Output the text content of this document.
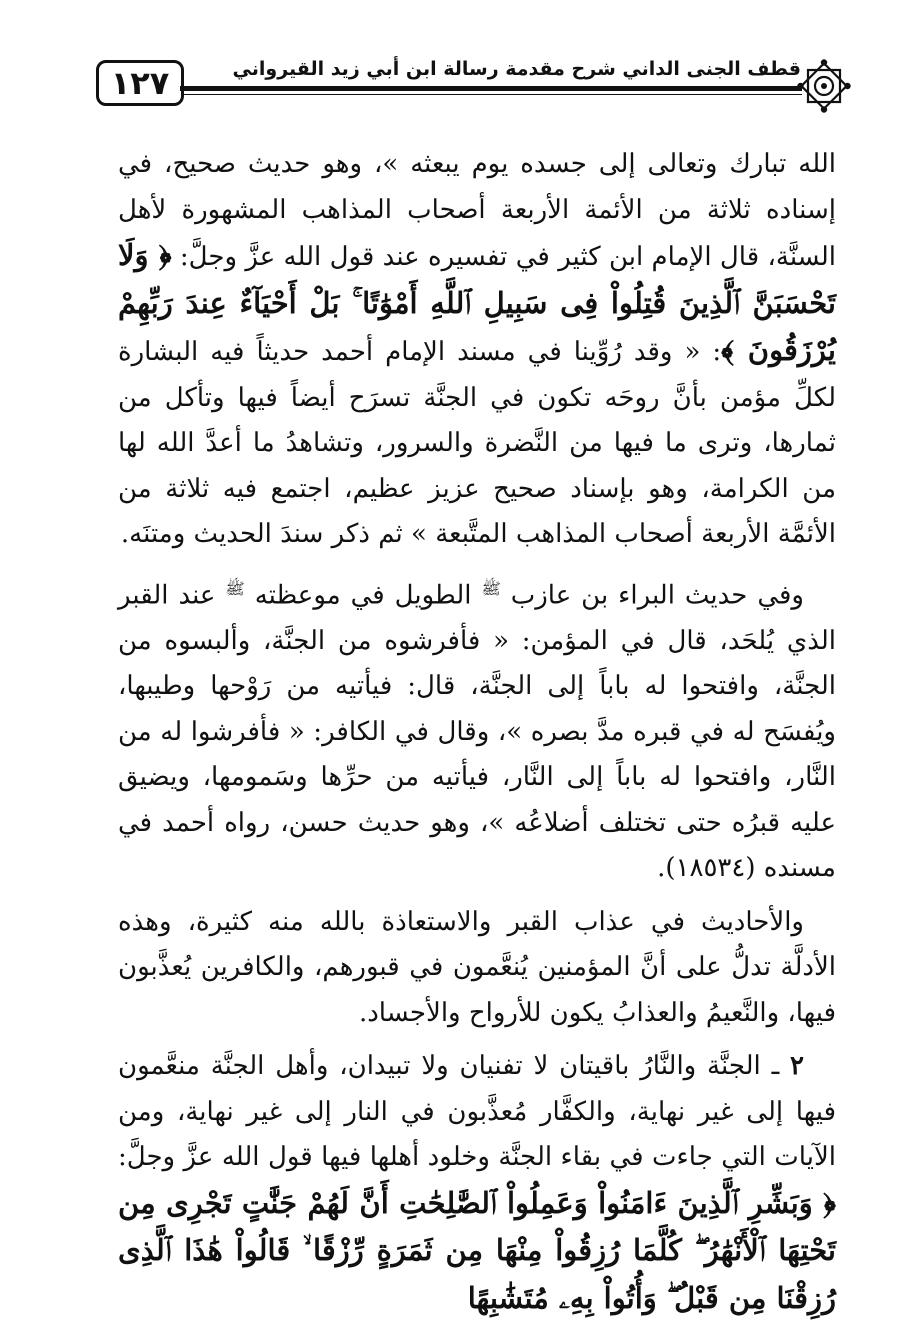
١٢٧	قطف الجنى الداني شرح مقدمة رسالة ابن أبي زيد القيرواني

الله تبارك وتعالى إلى جسده يوم يبعثه »، وهو حديث صحيح، في إسناده ثلاثة من الأئمة الأربعة أصحاب المذاهب المشهورة لأهل السنَّة، قال الإمام ابن كثير في تفسيره عند قول الله عزَّ وجلَّ: ﴿ وَلَا تَحْسَبَنَّ ٱلَّذِينَ قُتِلُواْ فِى سَبِيلِ ٱللَّهِ أَمْوَٰتًا ۚ بَلْ أَحْيَآءٌ عِندَ رَبِّهِمْ يُرْزَقُونَ ﴾: « وقد رُوِّينا في مسند الإمام أحمد حديثاً فيه البشارة لكلِّ مؤمن بأنَّ روحَه تكون في الجنَّة تسرَح أيضاً فيها وتأكل من ثمارها، وترى ما فيها من النَّضرة والسرور، وتشاهدُ ما أعدَّ الله لها من الكرامة، وهو بإسناد صحيح عزيز عظيم، اجتمع فيه ثلاثة من الأئمَّة الأربعة أصحاب المذاهب المتَّبعة » ثم ذكر سندَ الحديث ومتنَه.

وفي حديث البراء بن عازب $^ﷺ$ الطويل في موعظته $^ﷺ$ عند القبر الذي يُلحَد، قال في المؤمن: « فأفرشوه من الجنَّة، وألبسوه من الجنَّة، وافتحوا له باباً إلى الجنَّة، قال: فيأتيه من رَوْحها وطيبها، ويُفسَح له في قبره مدَّ بصره »، وقال في الكافر: « فأفرشوا له من النَّار، وافتحوا له باباً إلى النَّار، فيأتيه من حرِّها وسَمومها، ويضيق عليه قبرُه حتى تختلف أضلاعُه »، وهو حديث حسن، رواه أحمد في مسنده (١٨٥٣٤).

والأحاديث في عذاب القبر والاستعاذة بالله منه كثيرة، وهذه الأدلَّة تدلُّ على أنَّ المؤمنين يُنعَّمون في قبورهم، والكافرين يُعذَّبون فيها، والنَّعيمُ والعذابُ يكون للأرواح والأجساد.

٢ ـ الجنَّة والنَّارُ باقيتان لا تفنيان ولا تبيدان، وأهل الجنَّة منعَّمون فيها إلى غير نهاية، والكفَّار مُعذَّبون في النار إلى غير نهاية، ومن الآيات التي جاءت في بقاء الجنَّة وخلود أهلها فيها قول الله عزَّ وجلَّ: ﴿ وَبَشِّرِ ٱلَّذِينَ ءَامَنُواْ وَعَمِلُواْ ٱلصَّٰلِحَٰتِ أَنَّ لَهُمْ جَنَّٰتٍ تَجْرِى مِن تَحْتِهَا ٱلْأَنْهَٰرُ ۖ كُلَّمَا رُزِقُواْ مِنْهَا مِن ثَمَرَةٍ رِّزْقًا ۙ قَالُواْ هَٰذَا ٱلَّذِى رُزِقْنَا مِن قَبْلُ ۖ وَأُتُواْ بِهِۦ مُتَشَٰبِهًا
